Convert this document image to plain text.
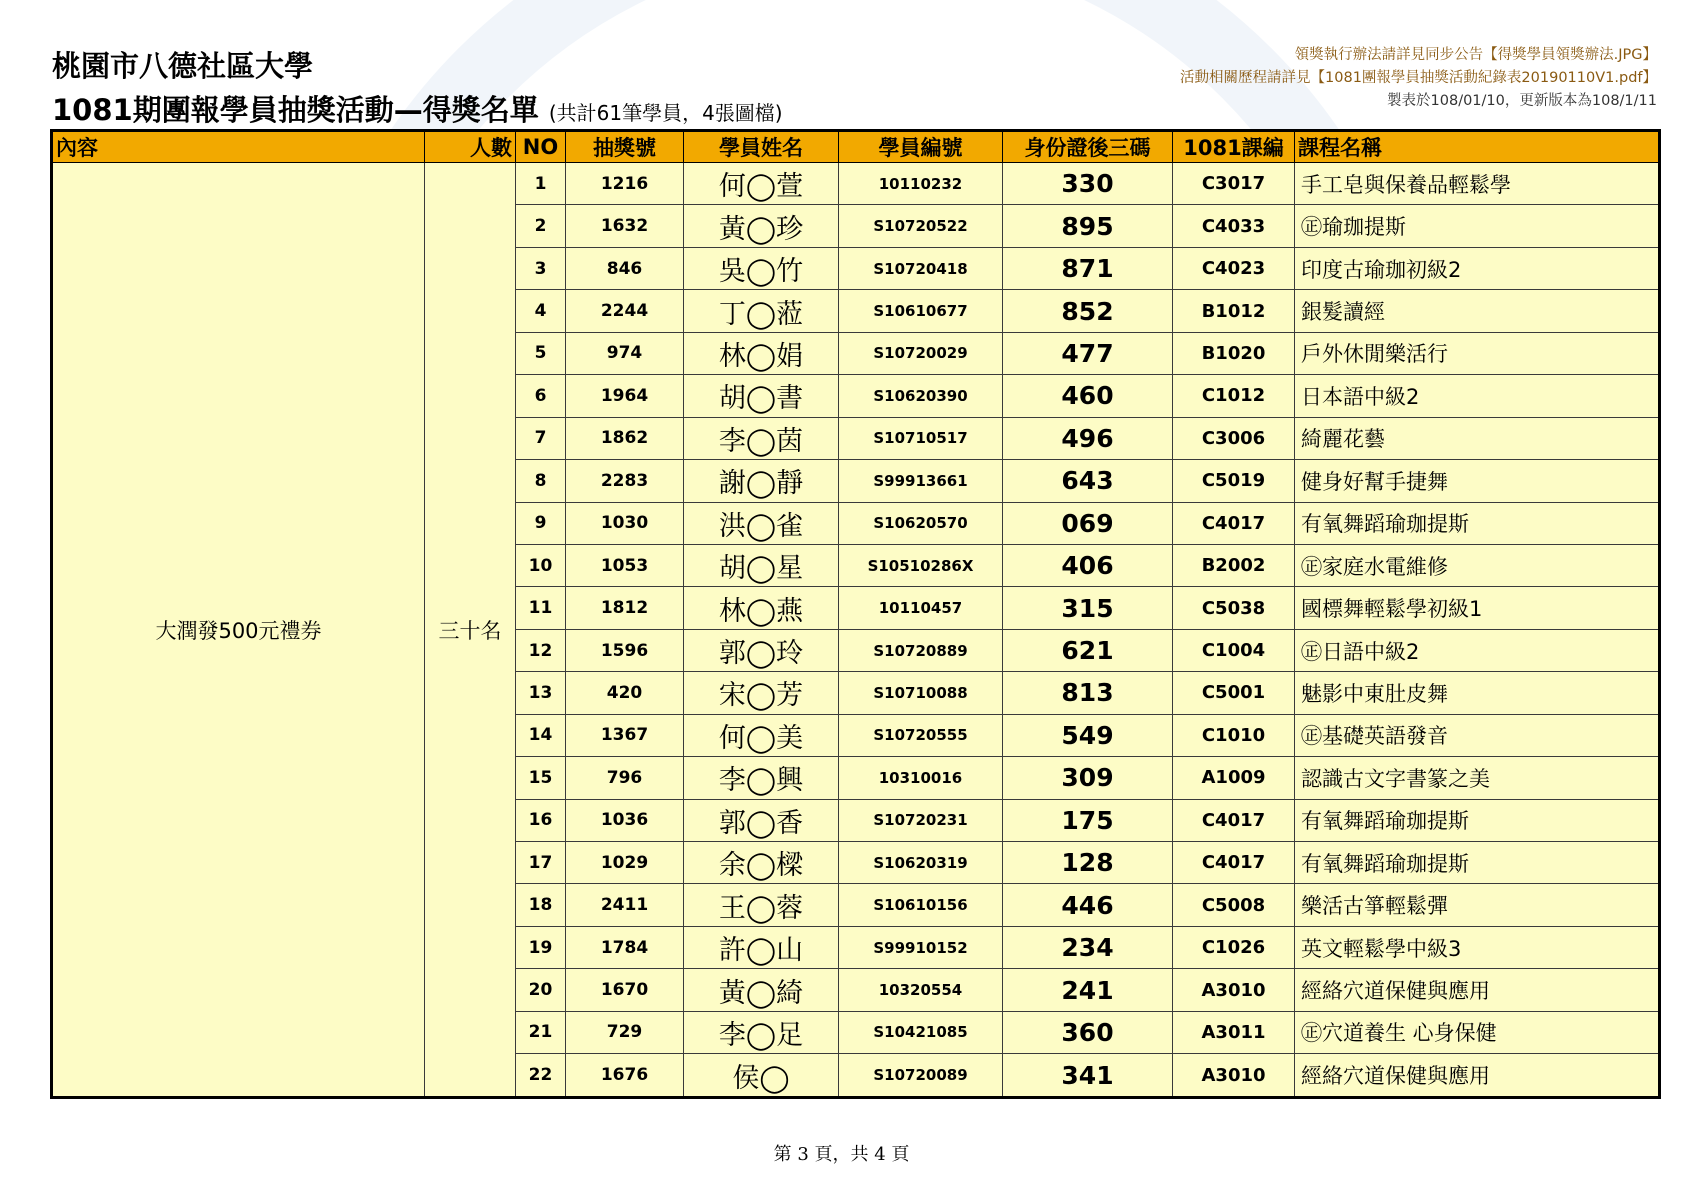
桃園市八德社區大學
1081期團報學員抽獎活動—得獎名單 (共計61筆學員，4張圖檔)
領獎執行辦法請詳見同步公告【得獎學員領獎辦法.JPG】
活動相關歷程請詳見【1081團報學員抽獎活動紀錄表20190110V1.pdf】
製表於108/01/10，更新版本為108/1/11
內容	人數	NO	抽獎號	學員姓名	學員編號	身份證後三碼	1081課編	課程名稱
大潤發500元禮券	三十名	1	1216	何◯萱	10110232	330	C3017	手工皂與保養品輕鬆學
		2	1632	黃◯珍	S10720522	895	C4033	㊣瑜珈提斯
		3	846	吳◯竹	S10720418	871	C4023	印度古瑜珈初級2
		4	2244	丁◯蒞	S10610677	852	B1012	銀髮讀經
		5	974	林◯娟	S10720029	477	B1020	戶外休閒樂活行
		6	1964	胡◯書	S10620390	460	C1012	日本語中級2
		7	1862	李◯茵	S10710517	496	C3006	綺麗花藝
		8	2283	謝◯靜	S99913661	643	C5019	健身好幫手捷舞
		9	1030	洪◯雀	S10620570	069	C4017	有氧舞蹈瑜珈提斯
		10	1053	胡◯星	S10510286X	406	B2002	㊣家庭水電維修
		11	1812	林◯燕	10110457	315	C5038	國標舞輕鬆學初級1
		12	1596	郭◯玲	S10720889	621	C1004	㊣日語中級2
		13	420	宋◯芳	S10710088	813	C5001	魅影中東肚皮舞
		14	1367	何◯美	S10720555	549	C1010	㊣基礎英語發音
		15	796	李◯興	10310016	309	A1009	認識古文字書篆之美
		16	1036	郭◯香	S10720231	175	C4017	有氧舞蹈瑜珈提斯
		17	1029	余◯樑	S10620319	128	C4017	有氧舞蹈瑜珈提斯
		18	2411	王◯蓉	S10610156	446	C5008	樂活古箏輕鬆彈
		19	1784	許◯山	S99910152	234	C1026	英文輕鬆學中級3
		20	1670	黃◯綺	10320554	241	A3010	經絡穴道保健與應用
		21	729	李◯足	S10421085	360	A3011	㊣穴道養生 心身保健
		22	1676	侯◯	S10720089	341	A3010	經絡穴道保健與應用
第 3 頁，共 4 頁
